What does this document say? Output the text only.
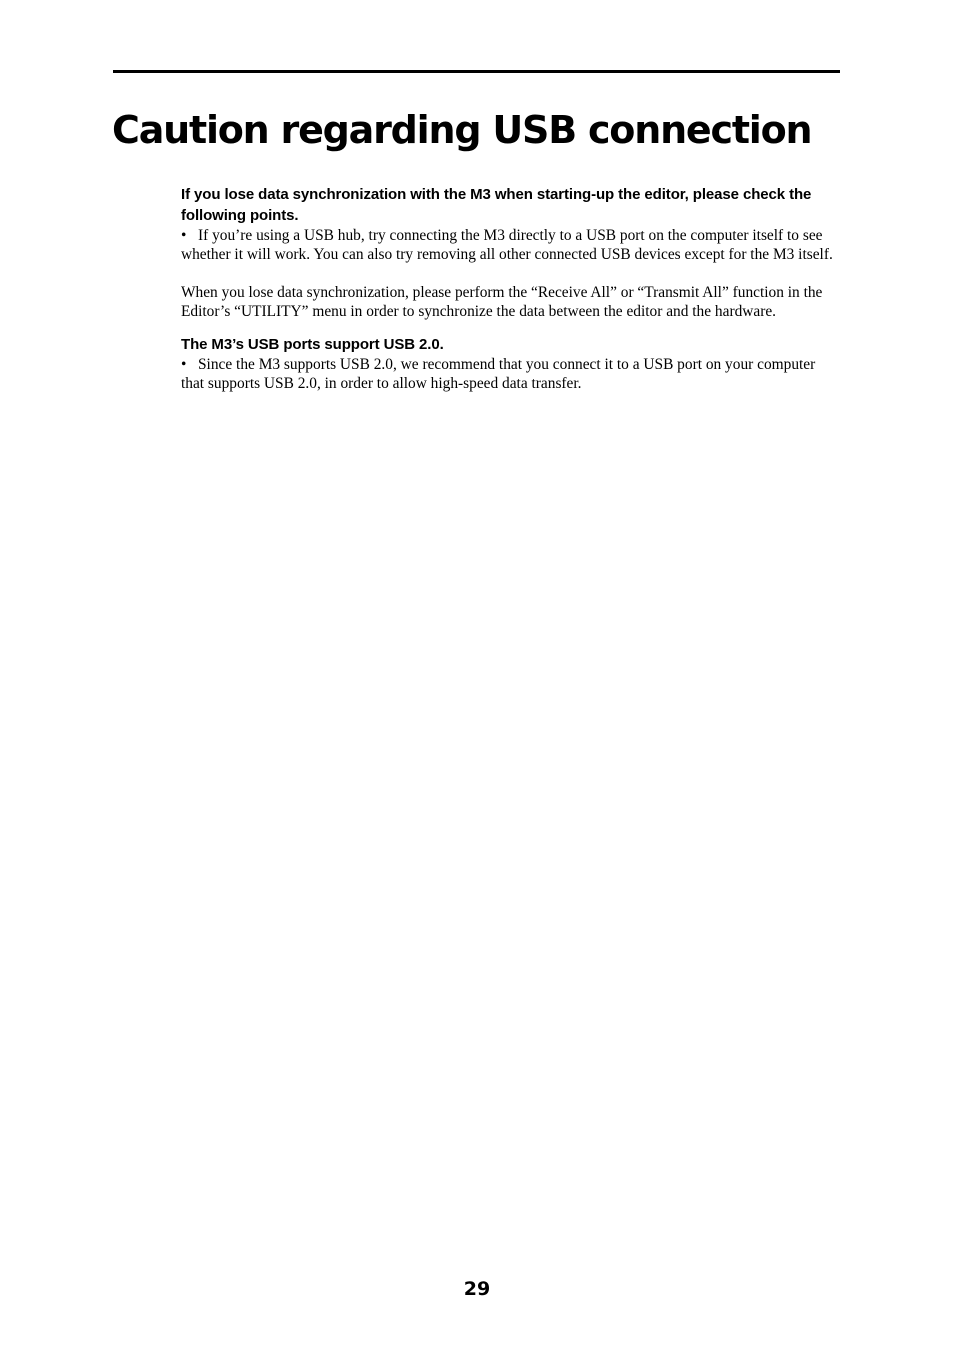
Caution regarding USB connection

If you lose data synchronization with the M3 when starting-up the editor, please check the following points.

• If you’re using a USB hub, try connecting the M3 directly to a USB port on the computer itself to see whether it will work. You can also try removing all other connected USB devices except for the M3 itself.

When you lose data synchronization, please perform the “Receive All” or “Transmit All” function in the Editor’s “UTILITY” menu in order to synchronize the data between the editor and the hardware.

The M3’s USB ports support USB 2.0.

• Since the M3 supports USB 2.0, we recommend that you connect it to a USB port on your computer that supports USB 2.0, in order to allow high-speed data transfer.

29
